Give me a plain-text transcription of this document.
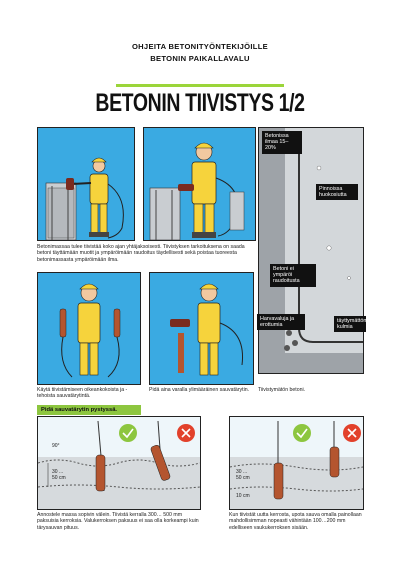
OHJEITA BETONITYÖNTEKIJÖILLE
BETONIN PAIKALLAVALU
BETONIN TIIVISTYS 1/2
Betonimassaa tulee tiivistää koko ajan yhtäjaksoisesti. Tiivistyksen tarkoituksena on saada betoni täyttämään muotit ja ympäröimään raudoitus täydellisesti sekä poistaa tuoreesta betonimassasta ympäröimään ilma.
Betonissa ilmaa 15–20%
Pinnoissa huokosiutta
Betoni ei ympäröi raudoitusta
Harvavaluja ja erottumia
täyttymättömiä kulmia
Käytä tiivistämiseen oikeankokoista ja -tehoista sauvatärytintä.
Pidä aina varalla ylimääräinen sauvatärytin.	Tiivistymätön betoni.
Pidä sauvatärytin pystyssä.
90°
30 ...
50 cm
Annostele massa sopivin välein. Tiivistä kerralla 300… 500 mm paksuisia kerroksia. Valukerroksen paksuus ei saa olla korkeampi kuin tärysauvan pituus.
30 ...
50 cm
10 cm
Kun tiivistät uutta kerrosta, upota sauva omalla painollaan mahdollisimman nopeasti vähintään 100…200 mm edelliseen vaukukerroksen sisään.
